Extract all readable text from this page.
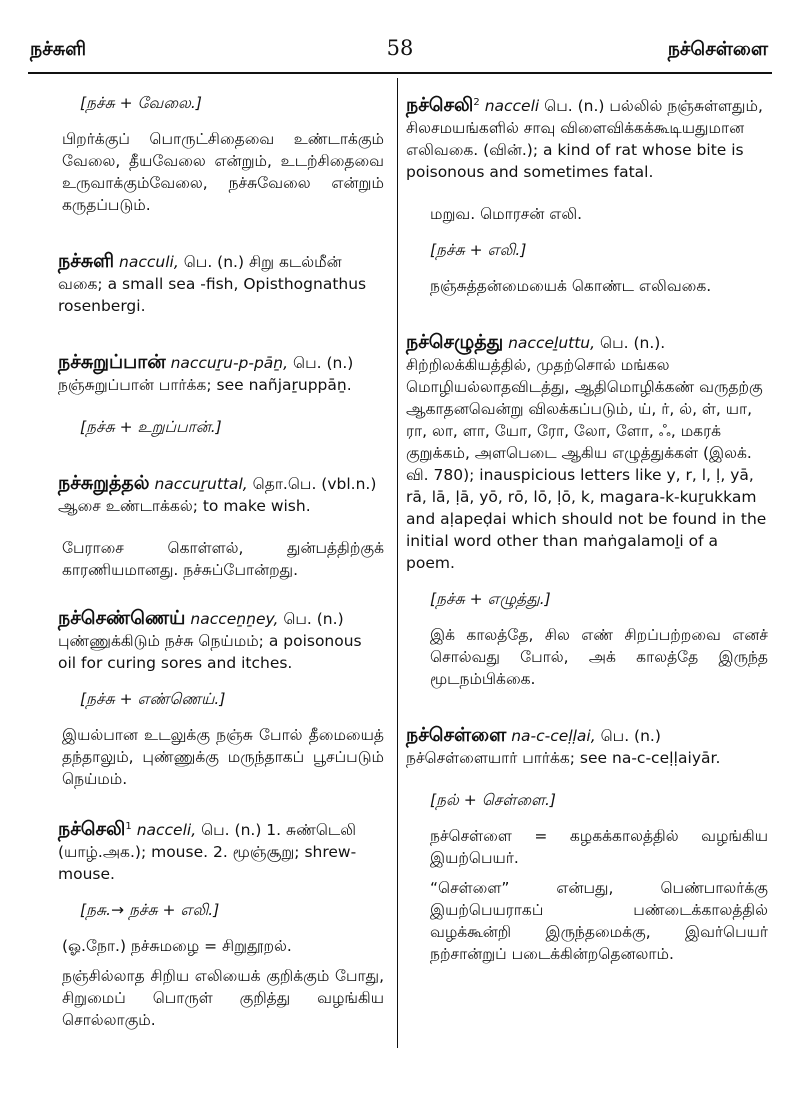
நச்சுளி	58	நச்செள்ளை

[நச்சு + வேலை.]

பிறர்க்குப் பொருட்சிதைவை உண்டாக்கும் வேலை, தீயவேலை என்றும், உடற்சிதைவை உருவாக்கும்வேலை, நச்சுவேலை என்றும் கருதப்படும்.

நச்சுளி nacculi, பெ. (n.) சிறு கடல்மீன் வகை; a small sea -fish, Opisthognathus rosenbergi.
நச்சுறுப்பான் naccuṟu-p-pāṉ, பெ. (n.) நஞ்சுறுப்பான் பார்க்க; see nañjaṟuppāṉ.

[நச்சு + உறுப்பான்.]

நச்சுறுத்தல் naccuṟuttal, தொ.பெ. (vbl.n.) ஆசை உண்டாக்கல்; to make wish.

பேராசை கொள்ளல், துன்பத்திற்குக் காரணியமானது. நச்சுப்போன்றது.

நச்செண்ணெய் nacceṉṉey, பெ. (n.) புண்ணுக்கிடும் நச்சு நெய்மம்; a poisonous oil for curing sores and itches.

[நச்சு + எண்ணெய்.]

இயல்பான உடலுக்கு நஞ்சு போல் தீமையைத் தந்தாலும், புண்ணுக்கு மருந்தாகப் பூசப்படும் நெய்மம்.

நச்செலி$^1$ nacceli, பெ. (n.) 1. சுண்டெலி (யாழ்.அக.); mouse. 2. மூஞ்சூறு; shrew-mouse.

[நசு.→ நச்சு + எலி.]

(ஓ.நோ.) நச்சுமழை = சிறுதூறல்.

நஞ்சில்லாத சிறிய எலியைக் குறிக்கும் போது, சிறுமைப் பொருள் குறித்து வழங்கிய சொல்லாகும்.

நச்செலி$^2$ nacceli பெ. (n.) பல்லில் நஞ்சுள்ளதும், சிலசமயங்களில் சாவு விளைவிக்கக்கூடியதுமான எலிவகை. (வின்.); a kind of rat whose bite is poisonous and sometimes fatal.

மறுவ. மொரசன் எலி.

[நச்சு + எலி.]

நஞ்சுத்தன்மையைக் கொண்ட எலிவகை.

நச்செழுத்து nacceḻuttu, பெ. (n.). சிற்றிலக்கியத்தில், முதற்சொல் மங்கல மொழியல்லாதவிடத்து, ஆதிமொழிக்கண் வருதற்கு ஆகாதனவென்று விலக்கப்படும், ய், ர், ல், ள், யா, ரா, லா, ளா, யோ, ரோ, லோ, ளோ, ஃ, மகரக் குறுக்கம், அளபெடை ஆகிய எழுத்துக்கள் (இலக். வி. 780); inauspicious letters like y, r, l, ḷ, yā, rā, lā, ḷā, yō, rō, lō, ḷō, k, magara-k-kuṟukkam and aḷapeḍai which should not be found in the initial word other than maṅgalamoḻi of a poem.

[நச்சு + எழுத்து.]

இக் காலத்தே, சில எண் சிறப்பற்றவை எனச் சொல்வது போல், அக் காலத்தே இருந்த மூடநம்பிக்கை.

நச்செள்ளை na-c-ceḷḷai, பெ. (n.) நச்செள்ளையார் பார்க்க; see na-c-ceḷḷaiyār.

[நல் + செள்ளை.]

நச்செள்ளை = கழகக்காலத்தில் வழங்கிய இயற்பெயர்.

“செள்ளை” என்பது, பெண்பாலர்க்கு இயற்பெயராகப் பண்டைக்காலத்தில் வழக்கூன்றி இருந்தமைக்கு, இவர்பெயர் நற்சான்றுப் படைக்கின்றதெனலாம்.
